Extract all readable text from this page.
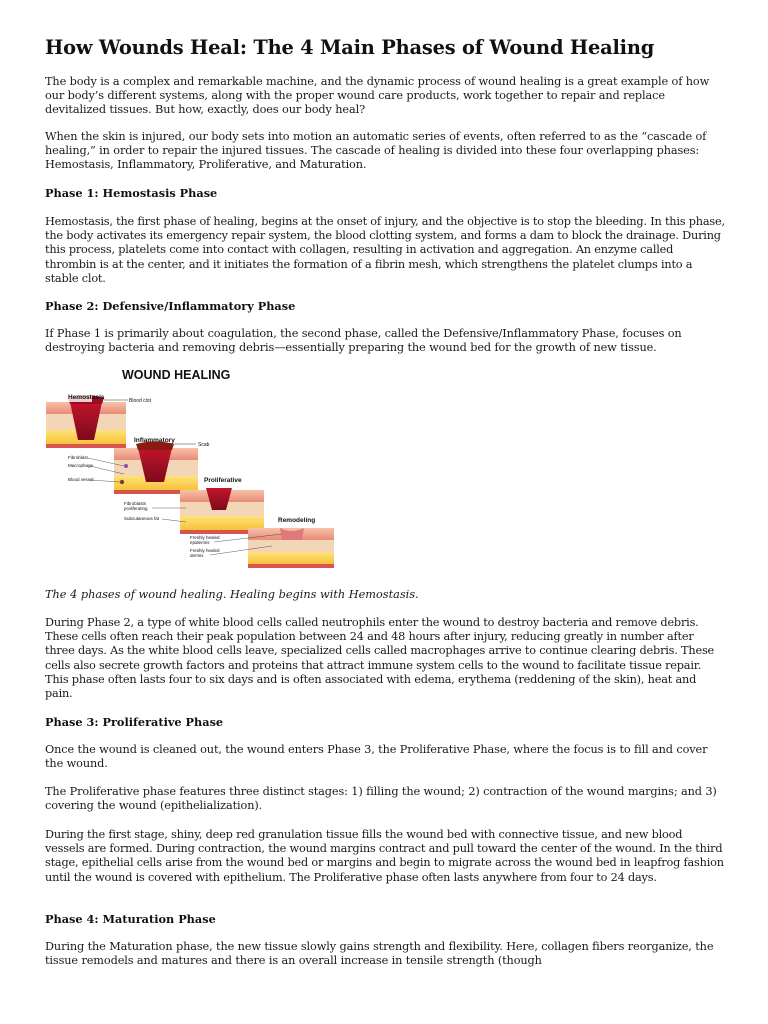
How Wounds Heal: The 4 Main Phases of Wound Healing

The body is a complex and remarkable machine, and the dynamic process of wound healing is a great example of how our body’s different systems, along with the proper wound care products, work together to repair and replace devitalized tissues. But how, exactly, does our body heal?

When the skin is injured, our body sets into motion an automatic series of events, often referred to as the “cascade of healing,” in order to repair the injured tissues. The cascade of healing is divided into these four overlapping phases: Hemostasis, Inflammatory, Proliferative, and Maturation.

Phase 1: Hemostasis Phase

Hemostasis, the first phase of healing, begins at the onset of injury, and the objective is to stop the bleeding. In this phase, the body activates its emergency repair system, the blood clotting system, and forms a dam to block the drainage. During this process, platelets come into contact with collagen, resulting in activation and aggregation. An enzyme called thrombin is at the center, and it initiates the formation of a fibrin mesh, which strengthens the platelet clumps into a stable clot.

Phase 2: Defensive/Inflammatory Phase

If Phase 1 is primarily about coagulation, the second phase, called the Defensive/Inflammatory Phase, focuses on destroying bacteria and removing debris—essentially preparing the wound bed for the growth of new tissue.

WOUND HEALING
Hemostasis	Blood clot
Inflammatory
Scab
Fibroblast
Macrophage
Blood vessel	Proliferative
Fibroblasts
proliferating
Subcutaneous fat	Remodeling
Freshly healed
epidermis
Freshly healed
dermis

The 4 phases of wound healing. Healing begins with Hemostasis.

During Phase 2, a type of white blood cells called neutrophils enter the wound to destroy bacteria and remove debris. These cells often reach their peak population between 24 and 48 hours after injury, reducing greatly in number after three days. As the white blood cells leave, specialized cells called macrophages arrive to continue clearing debris. These cells also secrete growth factors and proteins that attract immune system cells to the wound to facilitate tissue repair. This phase often lasts four to six days and is often associated with edema, erythema (reddening of the skin), heat and pain.

Phase 3: Proliferative Phase

Once the wound is cleaned out, the wound enters Phase 3, the Proliferative Phase, where the focus is to fill and cover the wound.

The Proliferative phase features three distinct stages: 1) filling the wound; 2) contraction of the wound margins; and 3) covering the wound (epithelialization).

During the first stage, shiny, deep red granulation tissue fills the wound bed with connective tissue, and new blood vessels are formed. During contraction, the wound margins contract and pull toward the center of the wound. In the third stage, epithelial cells arise from the wound bed or margins and begin to migrate across the wound bed in leapfrog fashion until the wound is covered with epithelium. The Proliferative phase often lasts anywhere from four to 24 days.

Phase 4: Maturation Phase

During the Maturation phase, the new tissue slowly gains strength and flexibility. Here, collagen fibers reorganize, the tissue remodels and matures and there is an overall increase in tensile strength (though
